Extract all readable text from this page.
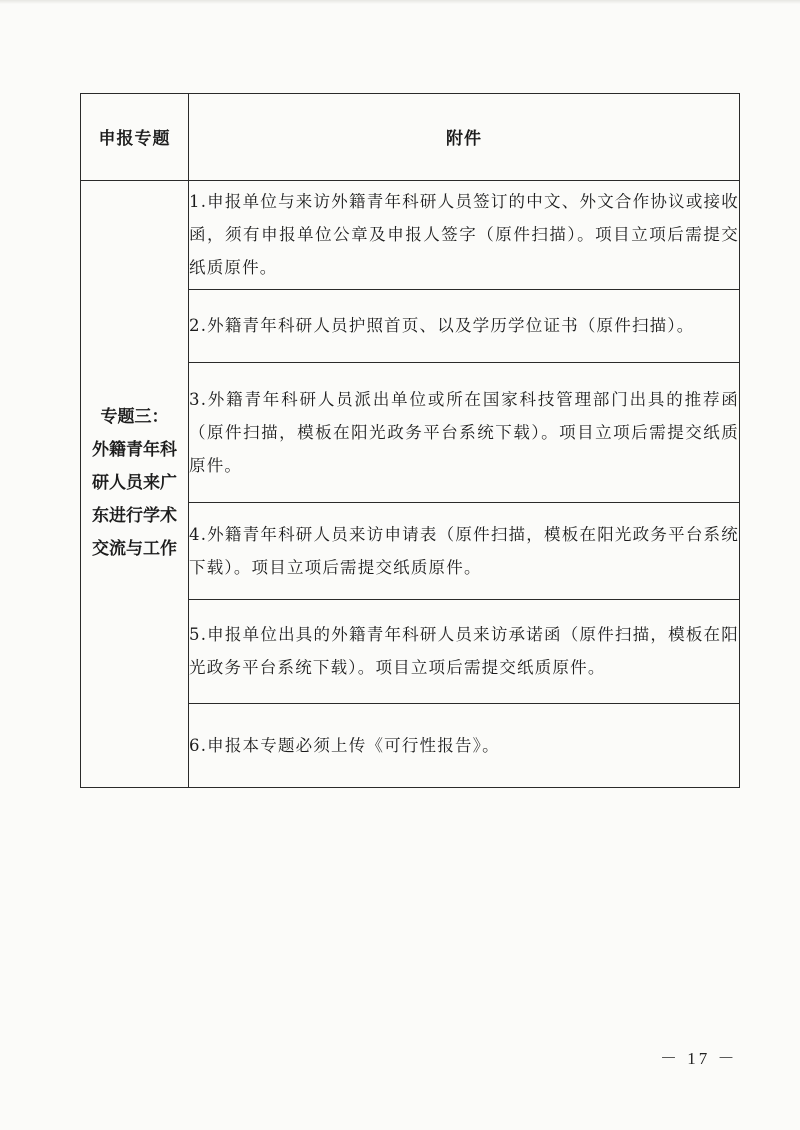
申报专题	附件

专题三：
外籍青年科
研人员来广
东进行学术
交流与工作	1.申报单位与来访外籍青年科研人员签订的中文、外文合作协议或接收函，须有申报单位公章及申报人签字（原件扫描）。项目立项后需提交纸质原件。
	2.外籍青年科研人员护照首页、以及学历学位证书（原件扫描）。
	3.外籍青年科研人员派出单位或所在国家科技管理部门出具的推荐函（原件扫描，模板在阳光政务平台系统下载）。项目立项后需提交纸质原件。
	4.外籍青年科研人员来访申请表（原件扫描，模板在阳光政务平台系统下载）。项目立项后需提交纸质原件。
	5.申报单位出具的外籍青年科研人员来访承诺函（原件扫描，模板在阳光政务平台系统下载）。项目立项后需提交纸质原件。
	6.申报本专题必须上传《可行性报告》。
－ 17 －
